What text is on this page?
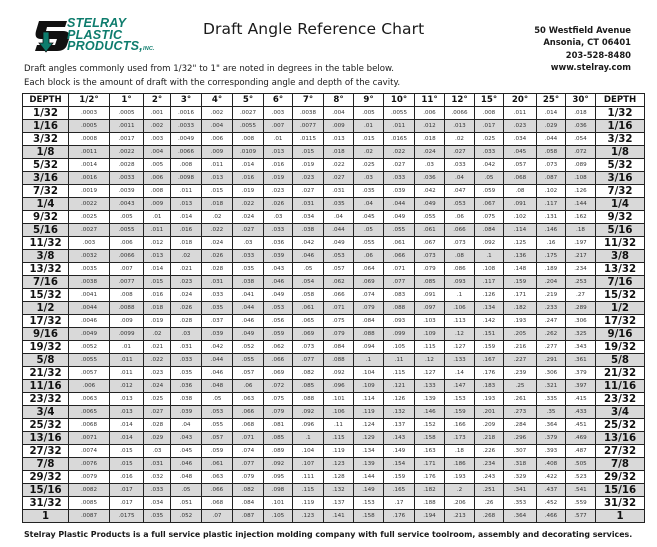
STELRAY
PLASTIC
PRODUCTS,INC.
Draft Angle Reference Chart	50 Westfield Avenue
Ansonia, CT 06401
203-528-8480
www.stelray.com
Draft angles commonly used from 1/32" to 1" are noted in degrees in the table below.
Each block is the amount of draft with the corresponding angle and depth of the cavity.
DEPTH	1/2°	1°	2°	3°	4°	5°	6°	7°	8°	9°	10°	11°	12°	15°	20°	25°	30°	DEPTH
1/32	.0003	.0005	.001	.0016	.002	.0027	.003	.0038	.004	.005	.0055	.006	.0066	.008	.011	.014	.018	1/32
1/16	.0005	.0011	.002	.0033	.004	.0055	.007	.0077	.009	.01	.011	.012	.013	.017	.023	.029	.036	1/16
3/32	.0008	.0017	.003	.0049	.006	.008	.01	.0115	.013	.015	.0165	.018	.02	.025	.034	.044	.054	3/32
1/8	.0011	.0022	.004	.0066	.009	.0109	.013	.015	.018	.02	.022	.024	.027	.033	.045	.058	.072	1/8
5/32	.0014	.0028	.005	.008	.011	.014	.016	.019	.022	.025	.027	.03	.033	.042	.057	.073	.089	5/32
3/16	.0016	.0033	.006	.0098	.013	.016	.019	.023	.027	.03	.033	.036	.04	.05	.068	.087	.108	3/16
7/32	.0019	.0039	.008	.011	.015	.019	.023	.027	.031	.035	.039	.042	.047	.059	.08	.102	.126	7/32
1/4	.0022	.0043	.009	.013	.018	.022	.026	.031	.035	.04	.044	.049	.053	.067	.091	.117	.144	1/4
9/32	.0025	.005	.01	.014	.02	.024	.03	.034	.04	.045	.049	.055	.06	.075	.102	.131	.162	9/32
5/16	.0027	.0055	.011	.016	.022	.027	.033	.038	.044	.05	.055	.061	.066	.084	.114	.146	.18	5/16
11/32	.003	.006	.012	.018	.024	.03	.036	.042	.049	.055	.061	.067	.073	.092	.125	.16	.197	11/32
3/8	.0032	.0066	.013	.02	.026	.033	.039	.046	.053	.06	.066	.073	.08	.1	.136	.175	.217	3/8
13/32	.0035	.007	.014	.021	.028	.035	.043	.05	.057	.064	.071	.079	.086	.108	.148	.189	.234	13/32
7/16	.0038	.0077	.015	.023	.031	.038	.046	.054	.062	.069	.077	.085	.093	.117	.159	.204	.253	7/16
15/32	.0041	.008	.016	.024	.033	.041	.049	.058	.066	.074	.083	.091	.1	.126	.171	.219	.27	15/32
1/2	.0044	.0088	.018	.026	.035	.044	.053	.061	.071	.079	.088	.097	.106	.134	.182	.233	.289	1/2
17/32	.0046	.009	.019	.028	.037	.046	.056	.065	.075	.084	.093	.103	.113	.142	.193	.247	.306	17/32
9/16	.0049	.0099	.02	.03	.039	.049	.059	.069	.079	.088	.099	.109	.12	.151	.205	.262	.325	9/16
19/32	.0052	.01	.021	.031	.042	.052	.062	.073	.084	.094	.105	.115	.127	.159	.216	.277	.343	19/32
5/8	.0055	.011	.022	.033	.044	.055	.066	.077	.088	.1	.11	.12	.133	.167	.227	.291	.361	5/8
21/32	.0057	.011	.023	.035	.046	.057	.069	.082	.092	.104	.115	.127	.14	.176	.239	.306	.379	21/32
11/16	.006	.012	.024	.036	.048	.06	.072	.085	.096	.109	.121	.133	.147	.183	.25	.321	.397	11/16
23/32	.0063	.013	.025	.038	.05	.063	.075	.088	.101	.114	.126	.139	.153	.193	.261	.335	.415	23/32
3/4	.0065	.013	.027	.039	.053	.066	.079	.092	.106	.119	.132	.146	.159	.201	.273	.35	.433	3/4
25/32	.0068	.014	.028	.04	.055	.068	.081	.096	.11	.124	.137	.152	.166	.209	.284	.364	.451	25/32
13/16	.0071	.014	.029	.043	.057	.071	.085	.1	.115	.129	.143	.158	.173	.218	.296	.379	.469	13/16
27/32	.0074	.015	.03	.045	.059	.074	.089	.104	.119	.134	.149	.163	.18	.226	.307	.393	.487	27/32
7/8	.0076	.015	.031	.046	.061	.077	.092	.107	.123	.139	.154	.171	.186	.234	.318	.408	.505	7/8
29/32	.0079	.016	.032	.048	.063	.079	.095	.111	.128	.144	.159	.176	.193	.243	.329	.422	.523	29/32
15/16	.0082	.017	.033	.05	.066	.082	.098	.115	.132	.149	.165	.182	.2	.251	.341	.437	.541	15/16
31/32	.0085	.017	.034	.051	.068	.084	.101	.119	.137	.153	.17	.188	.206	.26	.353	.452	.559	31/32
1	.0087	.0175	.035	.052	.07	.087	.105	.123	.141	.158	.176	.194	.213	.268	.364	.466	.577	1
Stelray Plastic Products is a full service plastic injection molding company with full service toolroom, assembly and decorating services.
